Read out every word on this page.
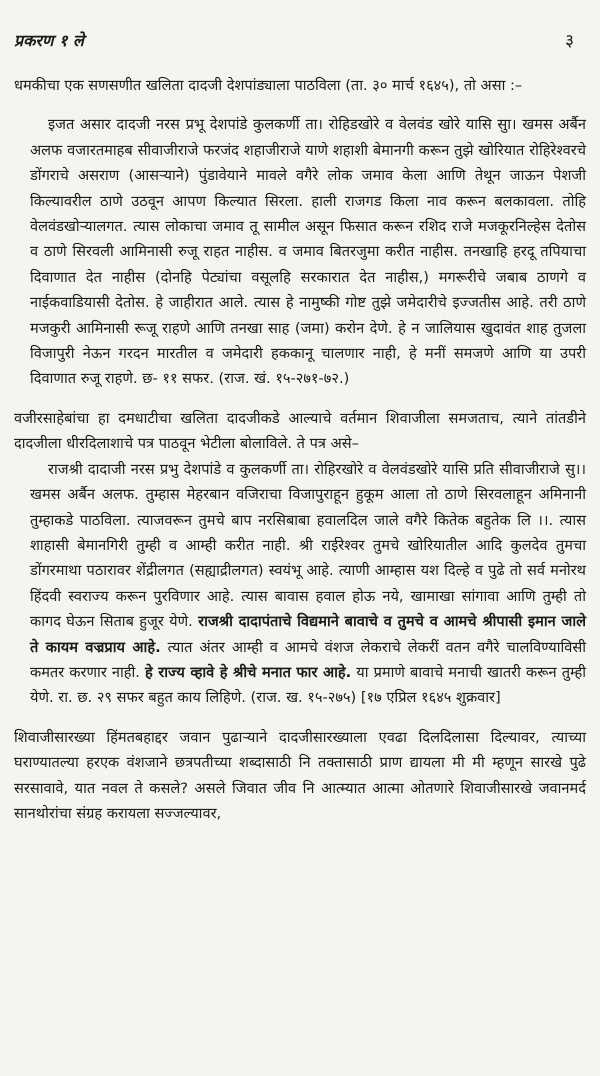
प्रकरण १ ले	३

धमकीचा एक सणसणीत खलिता दादजी देशपांड्याला पाठविला (ता. ३० मार्च १६४५), तो असा :–

इजत असार दादजी नरस प्रभू देशपांडे कुलकर्णी ता। रोहिडखोरे व वेलवंड खोरे यासि सुा। खमस अर्बैन अलफ वजारतमाहब सीवाजीराजे फरजंद शहाजीराजे याणे शहाशी बेमानगी करून तुझे खोरियात रोहिरेश्वरचे डोंगराचे असराण (आसऱ्याने) पुंडावेयाने मावले वगैरे लोक जमाव केला आणि तेथून जाऊन पेशजी किल्यावरील ठाणे उठवून आपण किल्यात सिरला. हाली राजगड किला नाव करून बलकावला. तोहि वेलवंडखोऱ्यालगत. त्यास लोकाचा जमाव तू सामील असून फिसात करून रशिद राजे मजकूरनिल्हेस देतोस व ठाणे सिरवली आमिनासी रुजू राहत नाहीस. व जमाव बितरजुमा करीत नाहीस. तनखाहि हरदू तपियाचा दिवाणात देत नाहीस (दोनहि पेट्यांचा वसूलहि सरकारात देत नाहीस,) मगरूरीचे जबाब ठाणगे व नाईकवाडियासी देतोस. हे जाहीरात आले. त्यास हे नामुष्की गोष्ट तुझे जमेदारीचे इज्जतीस आहे. तरी ठाणे मजकुरी आमिनासी रूजू राहणे आणि तनखा साह (जमा) करोन देणे. हे न जालियास खुदावंत शाह तुजला विजापुरी नेऊन गरदन मारतील व जमेदारी हककानू चालणार नाही, हे मनीं समजणे आणि या उपरी दिवाणात रुजू राहणे. छ- ११ सफर. (राज. खं. १५-२७१-७२.)

वजीरसाहेबांचा हा दमधाटीचा खलिता दादजीकडे आल्याचे वर्तमान शिवाजीला समजताच, त्याने तांतडीने दादजीला धीरदिलाशाचे पत्र पाठवून भेटीला बोलाविले. ते पत्र असे–

राजश्री दादाजी नरस प्रभु देशपांडे व कुलकर्णी ता। रोहिरखोरे व वेलवंडखोरे यासि प्रति सीवाजीराजे सु।। खमस अर्बैन अलफ. तुम्हास मेहरबान वजिराचा विजापुराहून हुकूम आला तो ठाणे सिरवलाहून अमिनानी तुम्हाकडे पाठविला. त्याजवरून तुमचे बाप नरसिबाबा हवालदिल जाले वगैरे कितेक बहुतेक लि ।।. त्यास शाहासी बेमानगिरी तुम्ही व आम्ही करीत नाही. श्री राईरेश्वर तुमचे खोरियातील आदि कुलदेव तुमचा डोंगरमाथा पठारावर शेंद्रीलगत (सह्याद्रीलगत) स्वयंभू आहे. त्याणी आम्हास यश दिल्हे व पुढे तो सर्व मनोरथ हिंदवी स्वराज्य करून पुरविणार आहे. त्यास बावास हवाल होऊ नये, खामाखा सांगावा आणि तुम्ही तो कागद घेऊन सिताब हुजूर येणे. राजश्री दादापंताचे विद्यमाने बावाचे व तुमचे व आमचे श्रीपासी इमान जाले ते कायम वज्रप्राय आहे. त्यात अंतर आम्ही व आमचे वंशज लेकराचे लेकरीं वतन वगैरे चालविण्याविसी कमतर करणार नाही. हे राज्य व्हावे हे श्रीचे मनात फार आहे. या प्रमाणे बावाचे मनाची खातरी करून तुम्ही येणे. रा. छ. २९ सफर बहुत काय लिहिणे. (राज. ख. १५-२७५) [१७ एप्रिल १६४५ शुक्रवार]

शिवाजीसारख्या हिंमतबहाद्दर जवान पुढाऱ्याने दादजीसारख्याला एवढा दिलदिलासा दिल्यावर, त्याच्या घराण्यातल्या हरएक वंशजाने छत्रपतीच्या शब्दासाठी नि तक्तासाठी प्राण द्यायला मी मी म्हणून सारखे पुढे सरसावावे, यात नवल ते कसले? असले जिवात जीव नि आत्म्यात आत्मा ओतणारे शिवाजीसारखे जवानमर्द सानथोरांचा संग्रह करायला सज्जल्यावर,
